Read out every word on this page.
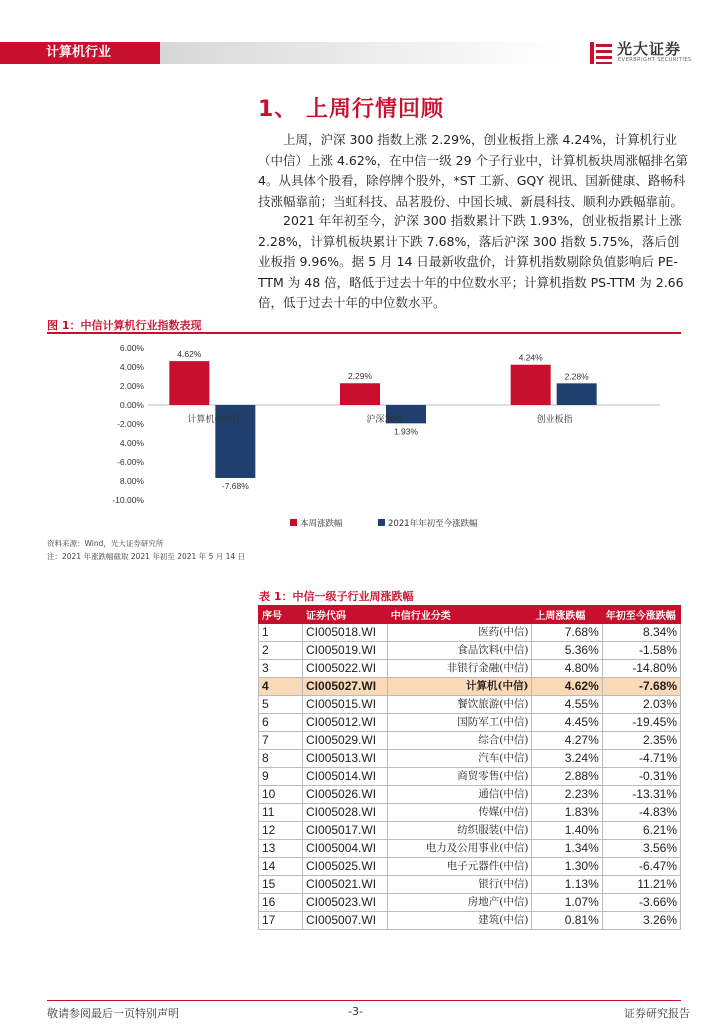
计算机行业	光大证券
EVERBRIGHT SECURITIES
1、 上周行情回顾

上周，沪深 300 指数上涨 2.29%，创业板指上涨 4.24%，计算机行业（中信）上涨 4.62%，在中信一级 29 个子行业中，计算机板块周涨幅排名第 4。从具体个股看，除停牌个股外，*ST 工新、GQY 视讯、国新健康、路畅科技涨幅靠前；当虹科技、品茗股份、中国长城、新晨科技、顺利办跌幅靠前。

2021 年年初至今，沪深 300 指数累计下跌 1.93%，创业板指累计上涨 2.28%，计算机板块累计下跌 7.68%，落后沪深 300 指数 5.75%，落后创业板指 9.96%。据 5 月 14 日最新收盘价，计算机指数剔除负值影响后 PE-TTM 为 48 倍，略低于过去十年的中位数水平；计算机指数 PS-TTM 为 2.66 倍，低于过去十年的中位数水平。

图 1：中信计算机行业指数表现
-10.00%
8.00%
-6.00%
4.00%
-2.00%
0.00%
2.00%
4.00%
6.00%
4.62%
2.29%
4.24%
-7.68%
1.93%
2.28%
计算机(中信)	沪深300	创业板指
本周涨跌幅	2021年年初至今涨跌幅
资料来源：Wind，光大证券研究所
注：2021 年涨跌幅截取 2021 年初至 2021 年 5 月 14 日
表 1：中信一级子行业周涨跌幅
序号	证券代码	中信行业分类	上周涨跌幅	年初至今涨跌幅
1	CI005018.WI	医药(中信)	7.68%	8.34%
2	CI005019.WI	食品饮料(中信)	5.36%	-1.58%
3	CI005022.WI	非银行金融(中信)	4.80%	-14.80%
4	CI005027.WI	计算机(中信)	4.62%	-7.68%
5	CI005015.WI	餐饮旅游(中信)	4.55%	2.03%
6	CI005012.WI	国防军工(中信)	4.45%	-19.45%
7	CI005029.WI	综合(中信)	4.27%	2.35%
8	CI005013.WI	汽车(中信)	3.24%	-4.71%
9	CI005014.WI	商贸零售(中信)	2.88%	-0.31%
10	CI005026.WI	通信(中信)	2.23%	-13.31%
11	CI005028.WI	传媒(中信)	1.83%	-4.83%
12	CI005017.WI	纺织服装(中信)	1.40%	6.21%
13	CI005004.WI	电力及公用事业(中信)	1.34%	3.56%
14	CI005025.WI	电子元器件(中信)	1.30%	-6.47%
15	CI005021.WI	银行(中信)	1.13%	11.21%
16	CI005023.WI	房地产(中信)	1.07%	-3.66%
17	CI005007.WI	建筑(中信)	0.81%	3.26%
敬请参阅最后一页特别声明	-3-	证券研究报告
